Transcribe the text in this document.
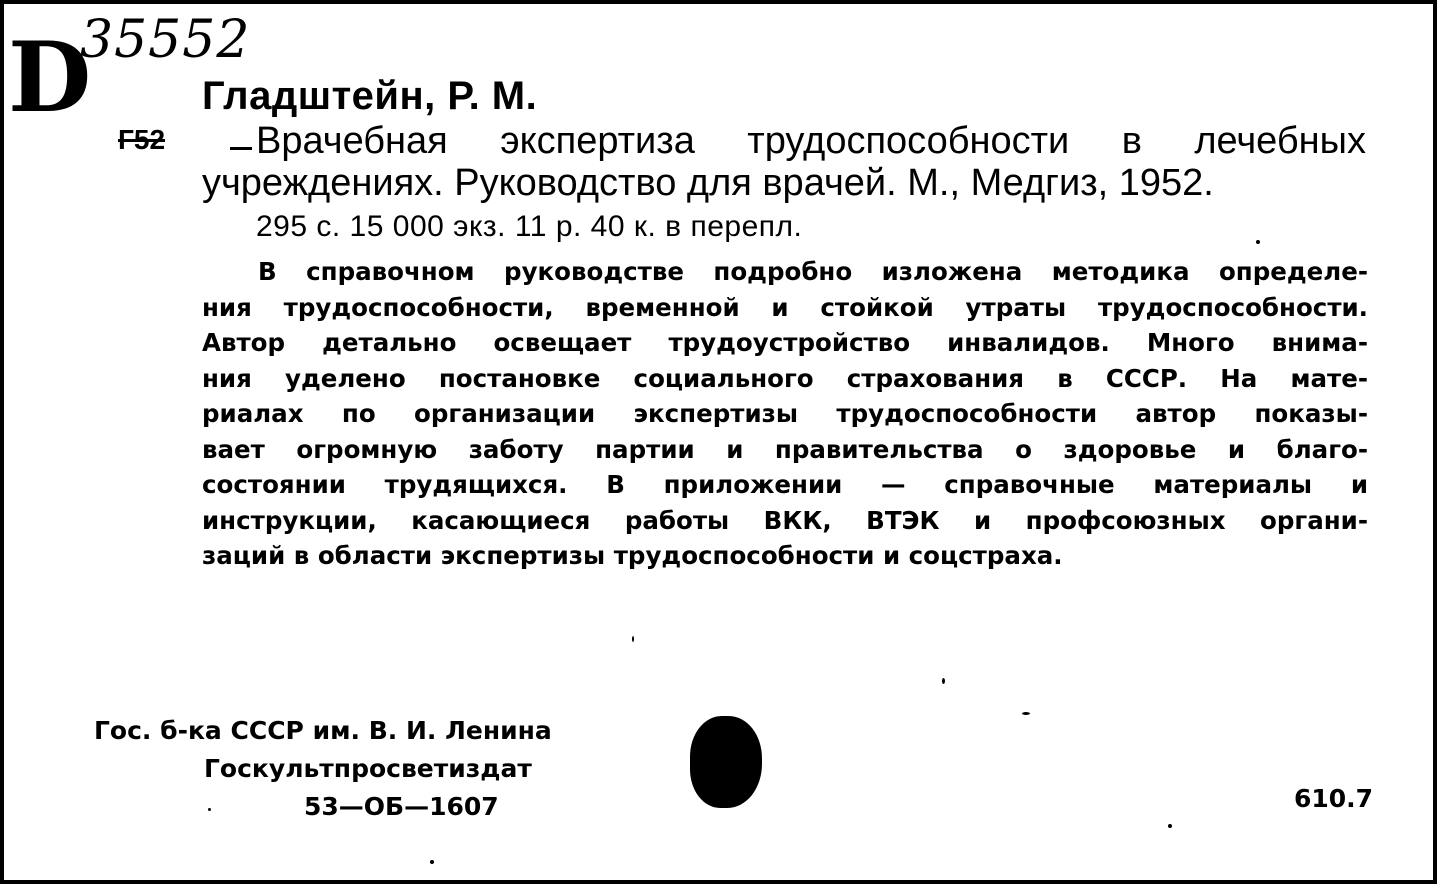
D
35552
Гладштейн, Р. М.
Г52 Врачебная экспертиза трудоспособности в лечебных
учреждениях. Руководство для врачей. М., Медгиз, 1952.
295 с. 15 000 экз. 11 р. 40 к. в перепл.
В справочном руководстве подробно изложена методика определе-
ния трудоспособности, временной и стойкой утраты трудоспособности.
Автор детально освещает трудоустройство инвалидов. Много внима-
ния уделено постановке социального страхования в СССР. На мате-
риалах по организации экспертизы трудоспособности автор показы-
вает огромную заботу партии и правительства о здоровье и благо-
состоянии трудящихся. В приложении — справочные материалы и
инструкции, касающиеся работы ВКК, ВТЭК и профсоюзных органи-
заций в области экспертизы трудоспособности и соцстраха.
Гос. б-ка СССР им. В. И. Ленина
Госкультпросветиздат
53—ОБ—1607	610.7
